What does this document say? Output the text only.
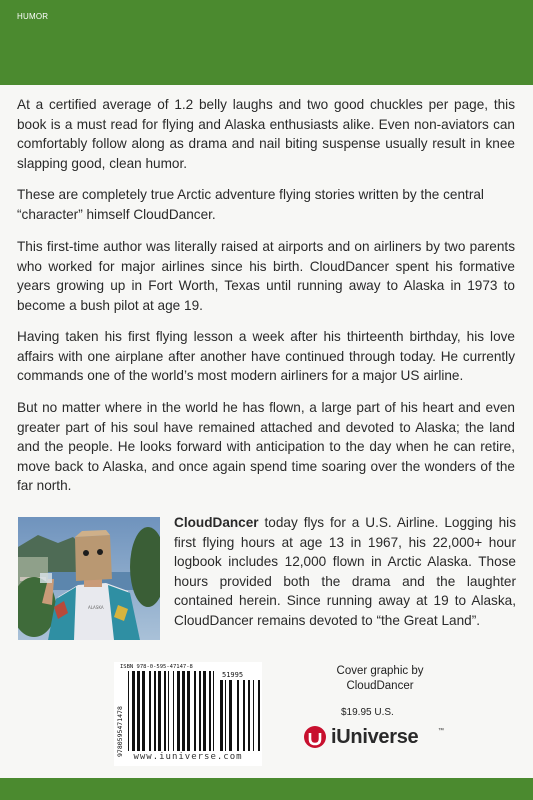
HUMOR

At a certified average of 1.2 belly laughs and two good chuckles per page, this book is a must read for flying and Alaska enthusiasts alike. Even non-aviators can comfortably follow along as drama and nail biting suspense usually result in knee slapping good, clean humor.

These are completely true Arctic adventure flying stories written by the central “character” himself CloudDancer.

This first-time author was literally raised at airports and on airliners by two parents who worked for major airlines since his birth. CloudDancer spent his formative years growing up in Fort Worth, Texas until running away to Alaska in 1973 to become a bush pilot at age 19.

Having taken his first flying lesson a week after his thirteenth birthday, his love affairs with one airplane after another have continued through today. He currently commands one of the world’s most modern airliners for a major US airline.

But no matter where in the world he has flown, a large part of his heart and even greater part of his soul have remained attached and devoted to Alaska; the land and the people. He looks forward with anticipation to the day when he can retire, move back to Alaska, and once again spend time soaring over the wonders of the far north.

ALASKA

CloudDancer today flys for a U.S. Airline. Logging his first flying hours at age 13 in 1967, his 22,000+ hour logbook includes 12,000 flown in Arctic Alaska. Those hours provided both the drama and the laughter contained herein. Since running away at 19 to Alaska, CloudDancer remains devoted to “the Great Land”.

ISBN 978-0-595-47147-8
51995
9780595471478	www.iuniverse.com
Cover graphic by
CloudDancer
$19.95 U.S.
iUniverse	™
